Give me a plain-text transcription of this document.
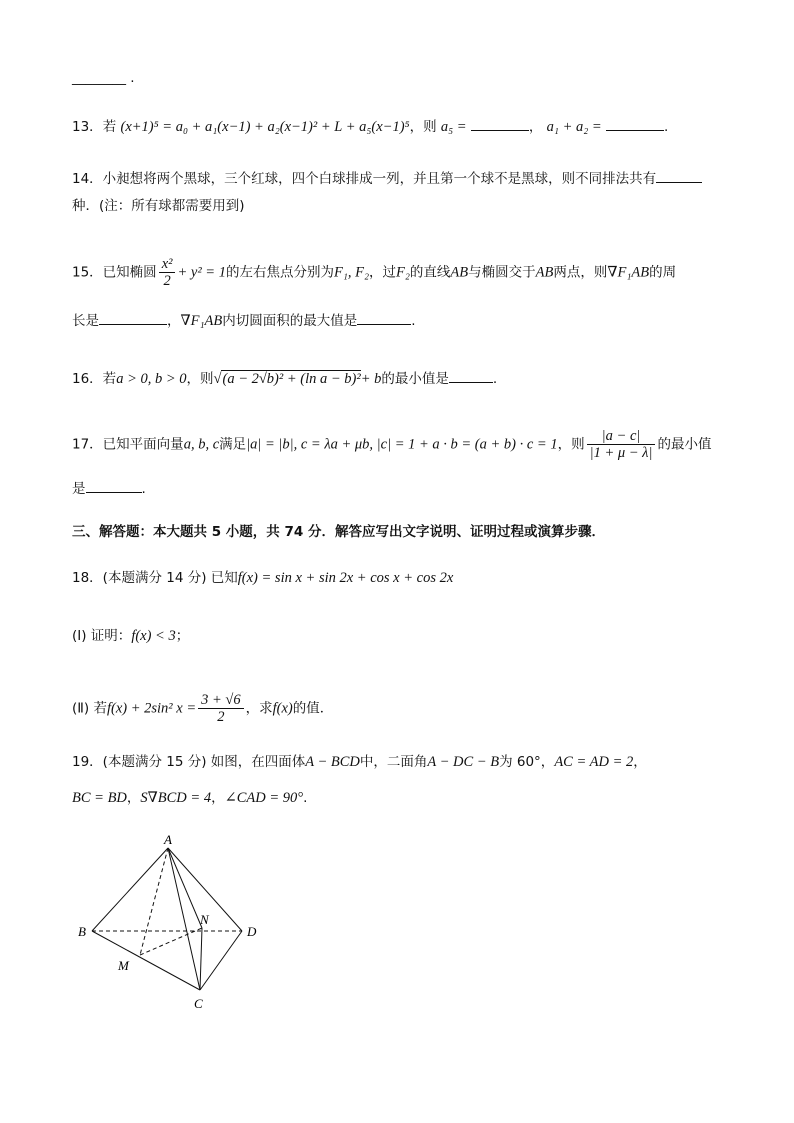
________ .
13．若 (x+1)⁵ = a₀ + a₁(x−1) + a₂(x−1)² + L + a₅(x−1)⁵，则 a₅ =	， a₁ + a₂ =	.
14．小昶想将两个黑球，三个红球，四个白球排成一列，并且第一个球不是黑球，则不同排法共有
种．(注：所有球都需要用到)
15．已知椭圆 $\frac{\text{x²}}{2} + y^2 = 1$的左右焦点分别为F₁, F₂，过F₂的直线AB与椭圆交于AB两点，则∇F₁AB的周
长是	，∇F₁AB内切圆面积的最大值是	.
16．若a > 0, b > 0，则√(a − 2√b)² + (ln a − b)²+ b的最小值是	.
17．已知平面向量a, b, c满足|a| = |b|, c = λa + μb, |c| = 1 + a · b = (a + b) · c = 1，则 $\frac{|a - c|}{|1 + \mu - \lambda|}$ 的最小值
是	.
三、解答题：本大题共 5 小题，共 74 分．解答应写出文字说明、证明过程或演算步骤．
18．(本题满分 14 分) 已知f(x) = sin x + sin 2x + cos x + cos 2x
(Ⅰ) 证明：f(x) < 3；
(Ⅱ) 若f(x) + 2sin² $x = \frac{3 + √6}{2}$ ，求f(x)的值．
19．(本题满分 15 分) 如图，在四面体A − BCD中，二面角A − DC − B为 60°，AC = AD = 2，
BC = BD，S∇BCD = 4，∠CAD = 90°.
A
B
C
D
M
N
